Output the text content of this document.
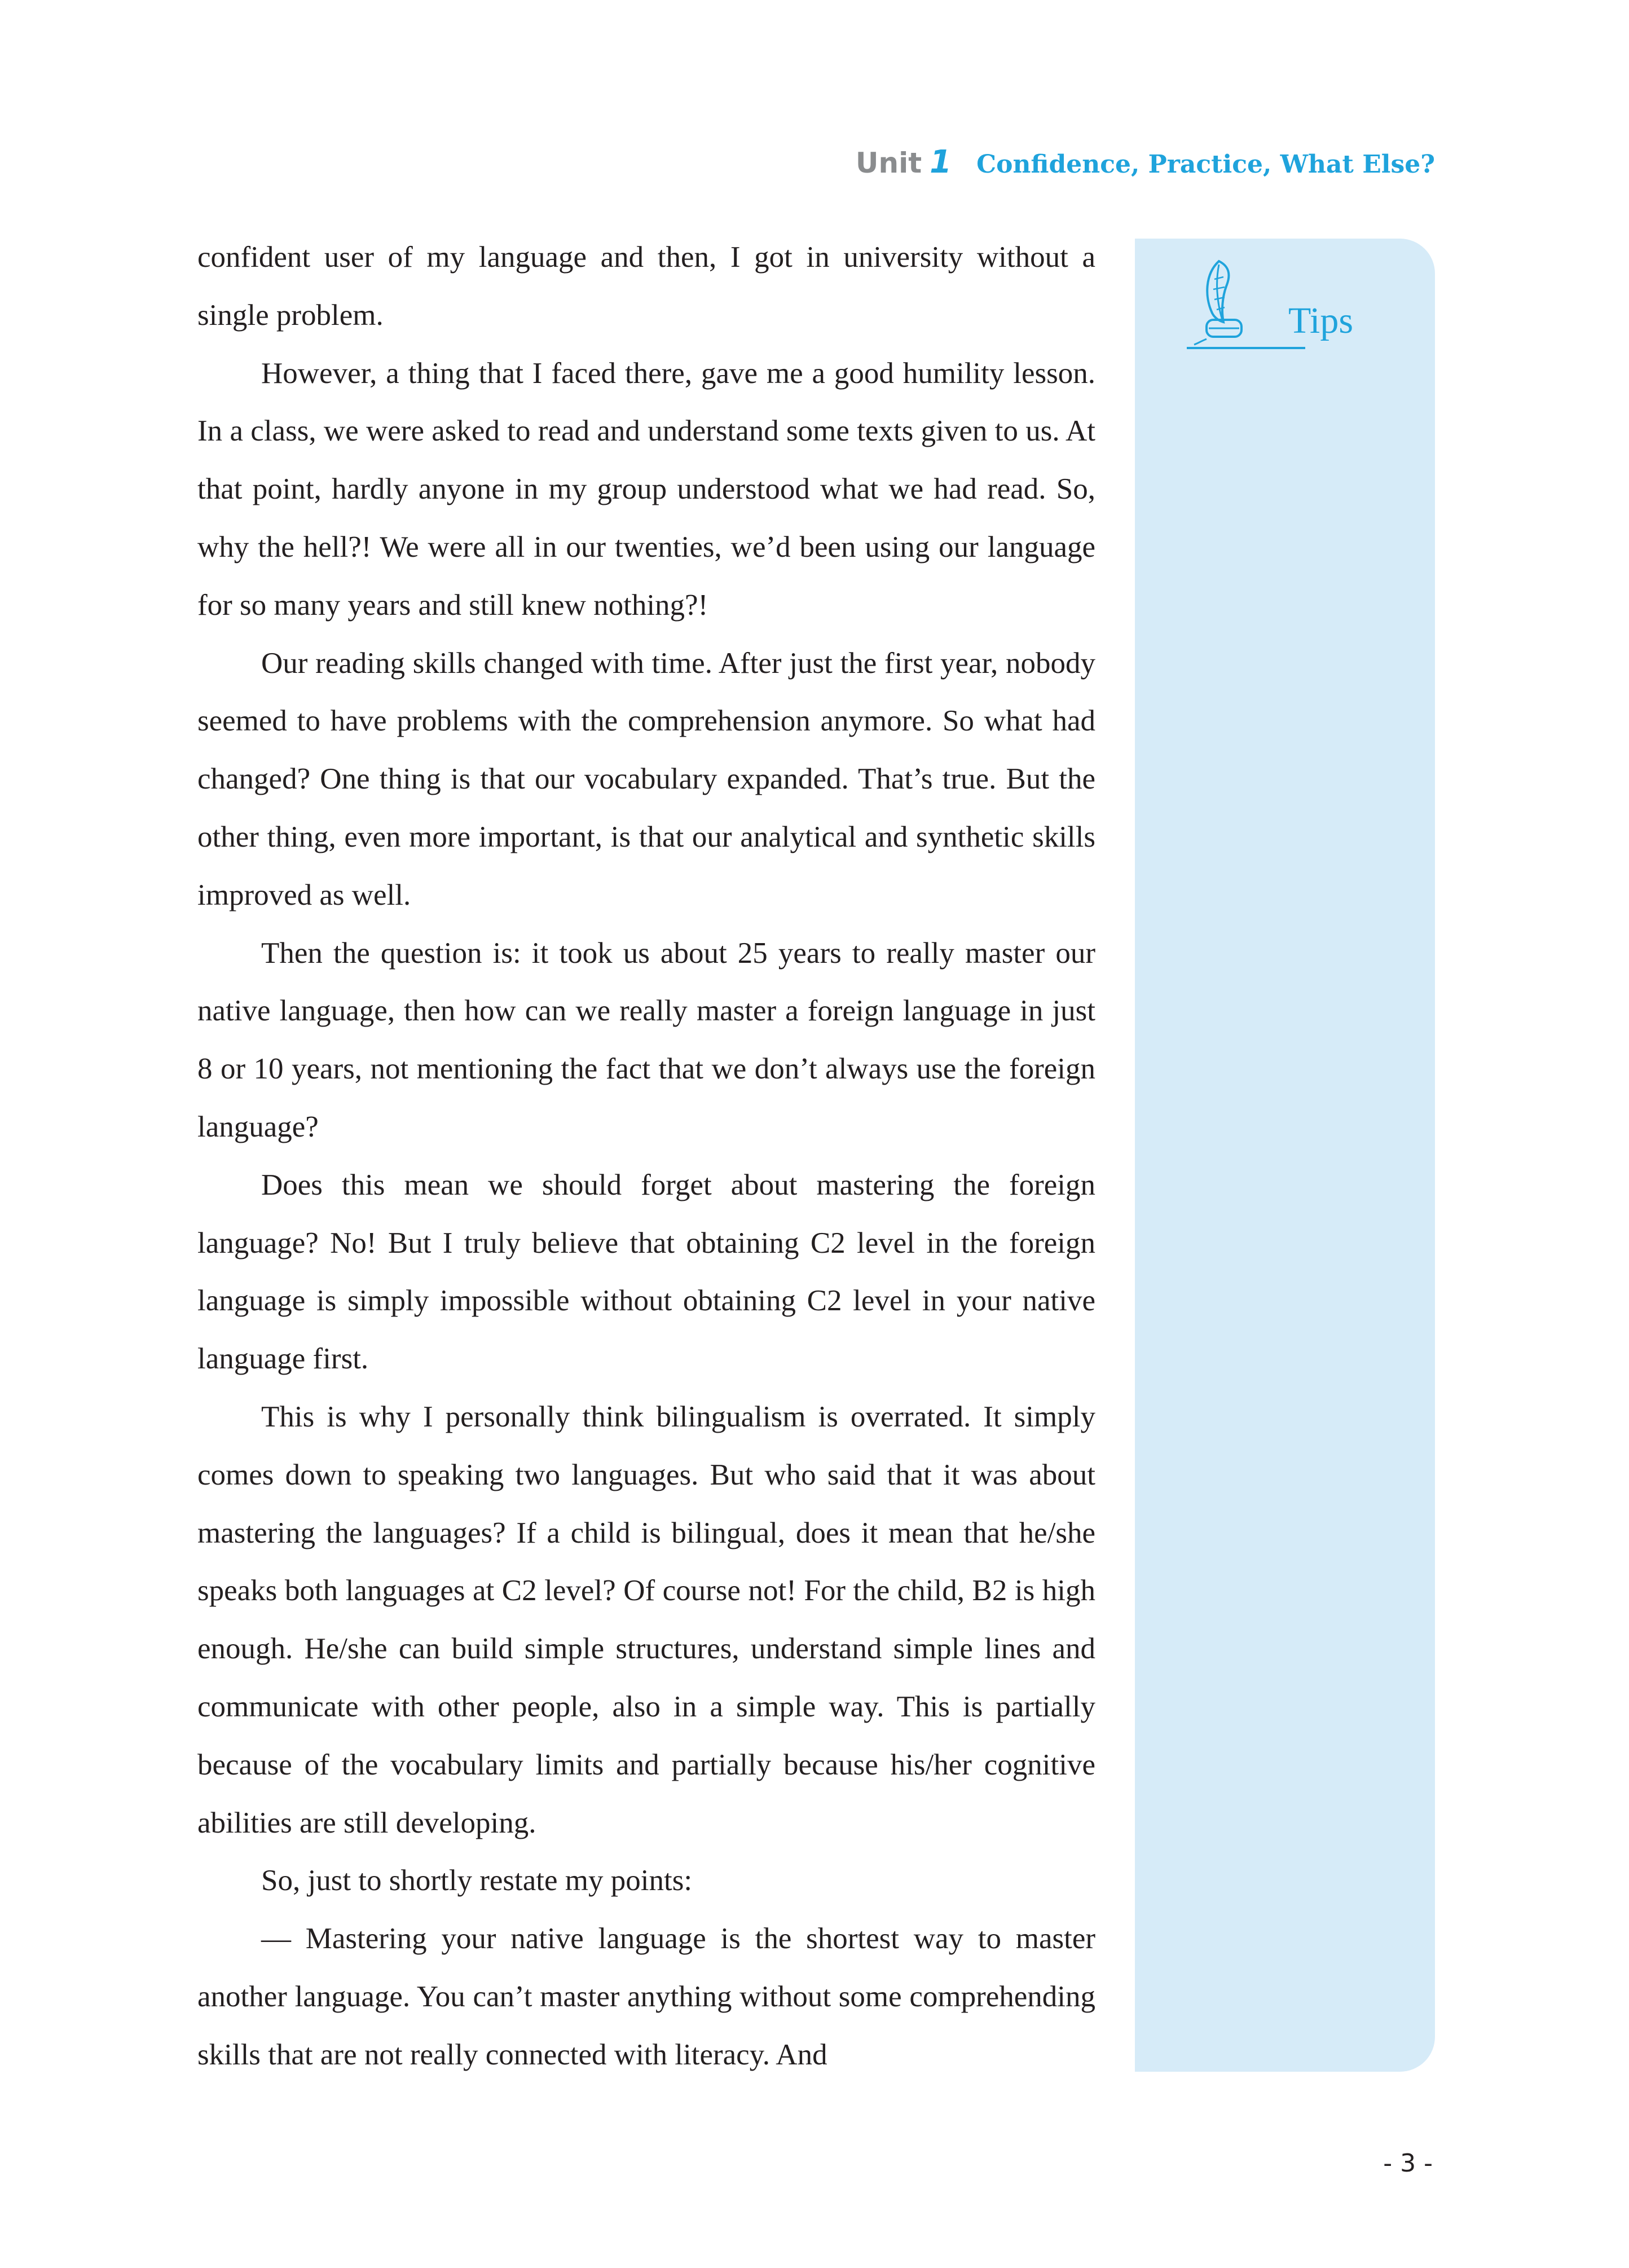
Unit 1 Confidence, Practice, What Else?

confident user of my language and then, I got in university without a single problem.

However, a thing that I faced there, gave me a good humility lesson. In a class, we were asked to read and understand some texts given to us. At that point, hardly anyone in my group understood what we had read. So, why the hell?! We were all in our twenties, we’d been using our language for so many years and still knew nothing?!

Our reading skills changed with time. After just the first year, nobody seemed to have problems with the comprehension anymore. So what had changed? One thing is that our vocabulary expanded. That’s true. But the other thing, even more important, is that our analytical and synthetic skills improved as well.

Then the question is: it took us about 25 years to really master our native language, then how can we really master a foreign language in just 8 or 10 years, not mentioning the fact that we don’t always use the foreign language?

Does this mean we should forget about mastering the foreign language? No! But I truly believe that obtaining C2 level in the foreign language is simply impossible without obtaining C2 level in your native language first.

This is why I personally think bilingualism is overrated. It simply comes down to speaking two languages. But who said that it was about mastering the languages? If a child is bilingual, does it mean that he/she speaks both languages at C2 level? Of course not! For the child, B2 is high enough. He/she can build simple structures, understand simple lines and communicate with other people, also in a simple way. This is partially because of the vocabulary limits and partially because his/her cognitive abilities are still developing.

So, just to shortly restate my points:

— Mastering your native language is the shortest way to master another language. You can’t master anything without some comprehending skills that are not really connected with literacy. And

Tips
- 3 -
